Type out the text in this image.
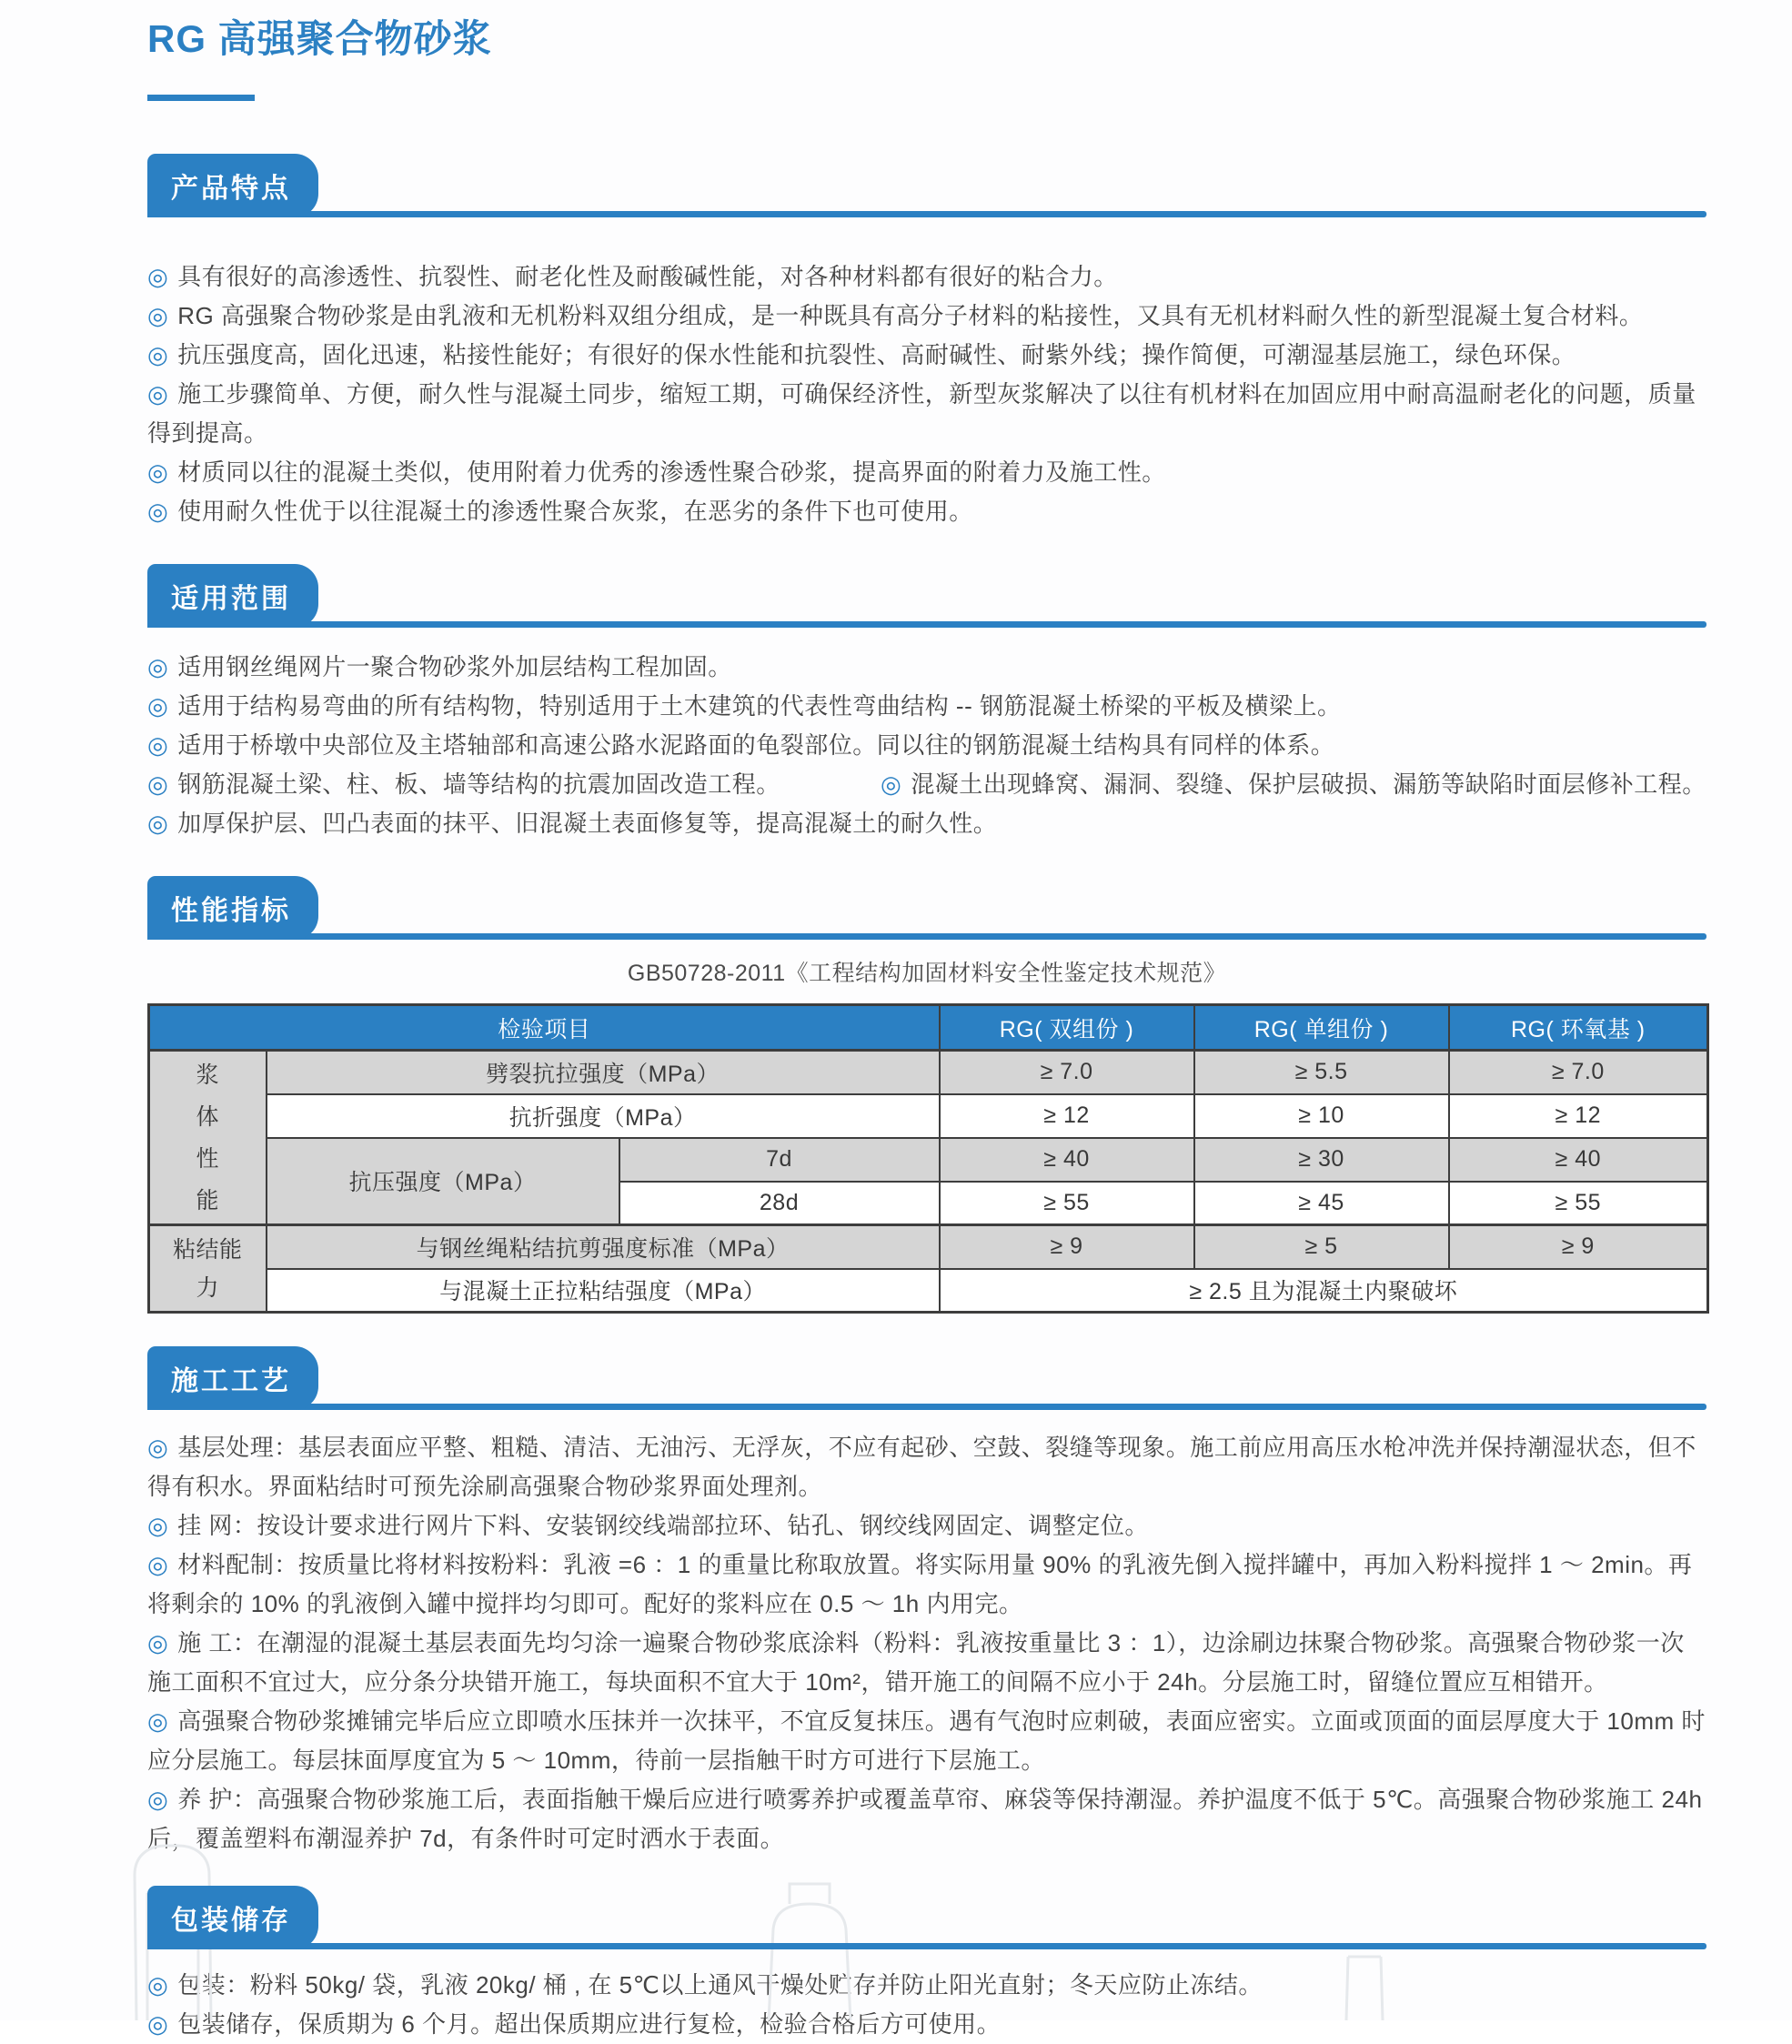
RG 高强聚合物砂浆
产品特点

◎ 具有很好的高渗透性、抗裂性、耐老化性及耐酸碱性能，对各种材料都有很好的粘合力。

◎ RG 高强聚合物砂浆是由乳液和无机粉料双组分组成，是一种既具有高分子材料的粘接性，又具有无机材料耐久性的新型混凝土复合材料。

◎ 抗压强度高，固化迅速，粘接性能好；有很好的保水性能和抗裂性、高耐碱性、耐紫外线；操作简便，可潮湿基层施工，绿色环保。

◎ 施工步骤简单、方便，耐久性与混凝土同步，缩短工期，可确保经济性，新型灰浆解决了以往有机材料在加固应用中耐高温耐老化的问题，质量得到提高。

◎ 材质同以往的混凝土类似，使用附着力优秀的渗透性聚合砂浆，提高界面的附着力及施工性。

◎ 使用耐久性优于以往混凝土的渗透性聚合灰浆，在恶劣的条件下也可使用。

适用范围

◎ 适用钢丝绳网片一聚合物砂浆外加层结构工程加固。

◎ 适用于结构易弯曲的所有结构物，特别适用于土木建筑的代表性弯曲结构 -- 钢筋混凝土桥梁的平板及横梁上。

◎ 适用于桥墩中央部位及主塔轴部和高速公路水泥路面的龟裂部位。同以往的钢筋混凝土结构具有同样的体系。

◎ 钢筋混凝土梁、柱、板、墙等结构的抗震加固改造工程。	◎ 混凝土出现蜂窝、漏洞、裂缝、保护层破损、漏筋等缺陷时面层修补工程。

◎ 加厚保护层、凹凸表面的抹平、旧混凝土表面修复等，提高混凝土的耐久性。

性能指标

GB50728-2011《工程结构加固材料安全性鉴定技术规范》

检验项目			RG( 双组份 )	RG( 单组份 )	RG( 环氧基 )
浆体性能	劈裂抗拉强度（MPa）		≥ 7.0	≥ 5.5	≥ 7.0
	抗折强度（MPa）		≥ 12	≥ 10	≥ 12
	抗压强度（MPa）	7d	≥ 40	≥ 30	≥ 40
		28d	≥ 55	≥ 45	≥ 55
粘结能力	与钢丝绳粘结抗剪强度标准（MPa）		≥ 9	≥ 5	≥ 9
	与混凝土正拉粘结强度（MPa）		≥ 2.5 且为混凝土内聚破坏		
施工工艺

◎ 基层处理：基层表面应平整、粗糙、清洁、无油污、无浮灰，不应有起砂、空鼓、裂缝等现象。施工前应用高压水枪冲洗并保持潮湿状态，但不得有积水。界面粘结时可预先涂刷高强聚合物砂浆界面处理剂。

◎ 挂 网：按设计要求进行网片下料、安装钢绞线端部拉环、钻孔、钢绞线网固定、调整定位。

◎ 材料配制：按质量比将材料按粉料：乳液 =6 ：1 的重量比称取放置。将实际用量 90% 的乳液先倒入搅拌罐中，再加入粉料搅拌 1 ～ 2min。再将剩余的 10% 的乳液倒入罐中搅拌均匀即可。配好的浆料应在 0.5 ～ 1h 内用完。

◎ 施 工：在潮湿的混凝土基层表面先均匀涂一遍聚合物砂浆底涂料（粉料：乳液按重量比 3 ：1），边涂刷边抹聚合物砂浆。高强聚合物砂浆一次施工面积不宜过大，应分条分块错开施工，每块面积不宜大于 10m²，错开施工的间隔不应小于 24h。分层施工时，留缝位置应互相错开。

◎ 高强聚合物砂浆摊铺完毕后应立即喷水压抹并一次抹平，不宜反复抹压。遇有气泡时应刺破，表面应密实。立面或顶面的面层厚度大于 10mm 时应分层施工。每层抹面厚度宜为 5 ～ 10mm，待前一层指触干时方可进行下层施工。

◎ 养 护：高强聚合物砂浆施工后，表面指触干燥后应进行喷雾养护或覆盖草帘、麻袋等保持潮湿。养护温度不低于 5℃。高强聚合物砂浆施工 24h 后，覆盖塑料布潮湿养护 7d，有条件时可定时洒水于表面。

包装储存

◎ 包装：粉料 50kg/ 袋，乳液 20kg/ 桶 , 在 5℃以上通风干燥处贮存并防止阳光直射；冬天应防止冻结。

◎ 包装储存，保质期为 6 个月。超出保质期应进行复检，检验合格后方可使用。
